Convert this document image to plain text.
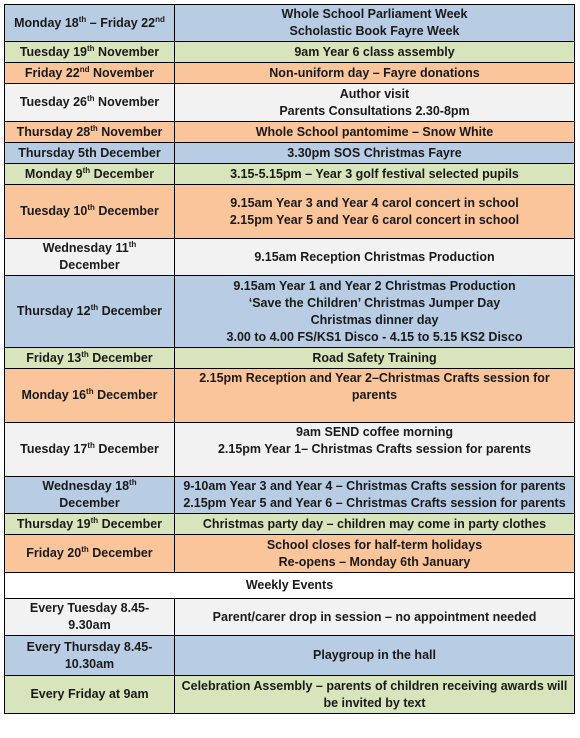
Monday 18th – Friday 22nd	Whole School Parliament Week
Scholastic Book Fayre Week

Tuesday 19th November	9am Year 6 class assembly

Friday 22nd November	Non-uniform day – Fayre donations

Tuesday 26th November	Author visit
Parents Consultations 2.30-8pm

Thursday 28th November	Whole School pantomime – Snow White

Thursday 5th December	3.30pm SOS Christmas Fayre

Monday 9th December	3.15-5.15pm – Year 3 golf festival selected pupils

Tuesday 10th December	9.15am Year 3 and Year 4 carol concert in school
2.15pm Year 5 and Year 6 carol concert in school

Wednesday 11th
December	9.15am Reception Christmas Production

Thursday 12th December	9.15am Year 1 and Year 2 Christmas Production
‘Save the Children’ Christmas Jumper Day
Christmas dinner day
3.00 to 4.00 FS/KS1 Disco - 4.15 to 5.15 KS2 Disco

Friday 13th December	Road Safety Training

Monday 16th December	2.15pm Reception and Year 2–Christmas Crafts session for
parents

Tuesday 17th December	9am SEND coffee morning
2.15pm Year 1– Christmas Crafts session for parents

Wednesday 18th
December	9-10am Year 3 and Year 4 – Christmas Crafts session for parents
2.15pm Year 5 and Year 6 – Christmas Crafts session for parents

Thursday 19th December	Christmas party day – children may come in party clothes

Friday 20th December	School closes for half-term holidays
Re-opens – Monday 6th January

Weekly Events	

Every Tuesday 8.45-
9.30am	Parent/carer drop in session – no appointment needed

Every Thursday 8.45-
10.30am	Playgroup in the hall

Every Friday at 9am	Celebration Assembly – parents of children receiving awards will
be invited by text
